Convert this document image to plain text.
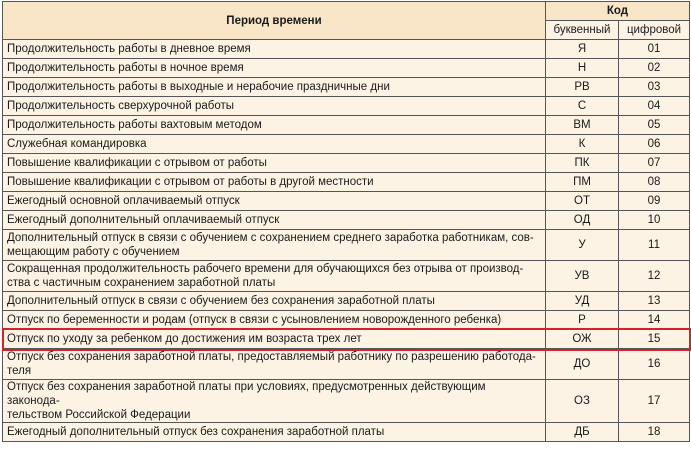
Период времени	Код	
	буквенный	цифровой
Продолжительность работы в дневное время	Я	01
Продолжительность работы в ночное время	Н	02
Продолжительность работы в выходные и нерабочие праздничные дни	РВ	03
Продолжительность сверхурочной работы	С	04
Продолжительность работы вахтовым методом	ВМ	05
Служебная командировка	К	06
Повышение квалификации с отрывом от работы	ПК	07
Повышение квалификации с отрывом от работы в другой местности	ПМ	08
Ежегодный основной оплачиваемый отпуск	ОТ	09
Ежегодный дополнительный оплачиваемый отпуск	ОД	10
Дополнительный отпуск в связи с обучением с сохранением среднего заработка работникам, сов-
мещающим работу с обучением	У	11
Сокращенная продолжительность рабочего времени для обучающихся без отрыва от производ-
ства с частичным сохранением заработной платы	УВ	12
Дополнительный отпуск в связи с обучением без сохранения заработной платы	УД	13
Отпуск по беременности и родам (отпуск в связи с усыновлением новорожденного ребенка)	Р	14
Отпуск по уходу за ребенком до достижения им возраста трех лет	ОЖ	15
Отпуск без сохранения заработной платы, предоставляемый работнику по разрешению работода-
теля	ДО	16
Отпуск без сохранения заработной платы при условиях, предусмотренных действующим законода-
тельством Российской Федерации	ОЗ	17
Ежегодный дополнительный отпуск без сохранения заработной платы	ДБ	18
